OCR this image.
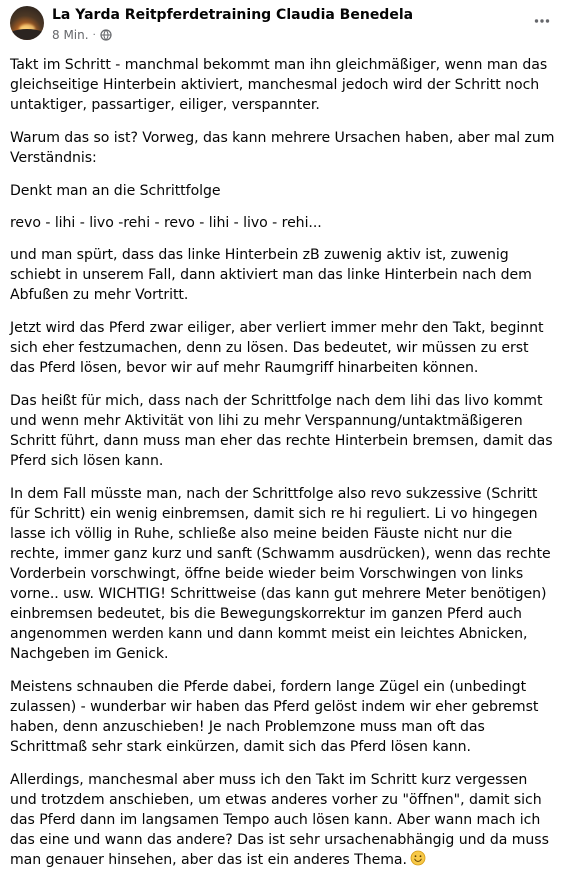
La Yarda Reitpferdetraining Claudia Benedela
8 Min. ·

Takt im Schritt - manchmal bekommt man ihn gleichmäßiger, wenn man das gleichseitige Hinterbein aktiviert, manchesmal jedoch wird der Schritt noch untaktiger, passartiger, eiliger, verspannter.

Warum das so ist? Vorweg, das kann mehrere Ursachen haben, aber mal zum Verständnis:

Denkt man an die Schrittfolge

revo - lihi - livo -rehi - revo - lihi - livo - rehi...

und man spürt, dass das linke Hinterbein zB zuwenig aktiv ist, zuwenig schiebt in unserem Fall, dann aktiviert man das linke Hinterbein nach dem Abfußen zu mehr Vortritt.

Jetzt wird das Pferd zwar eiliger, aber verliert immer mehr den Takt, beginnt sich eher festzumachen, denn zu lösen. Das bedeutet, wir müssen zu erst das Pferd lösen, bevor wir auf mehr Raumgriff hinarbeiten können.

Das heißt für mich, dass nach der Schrittfolge nach dem lihi das livo kommt und wenn mehr Aktivität von lihi zu mehr Verspannung/untaktmäßigeren Schritt führt, dann muss man eher das rechte Hinterbein bremsen, damit das Pferd sich lösen kann.

In dem Fall müsste man, nach der Schrittfolge also revo sukzessive (Schritt für Schritt) ein wenig einbremsen, damit sich re hi reguliert. Li vo hingegen lasse ich völlig in Ruhe, schließe also meine beiden Fäuste nicht nur die rechte, immer ganz kurz und sanft (Schwamm ausdrücken), wenn das rechte Vorderbein vorschwingt, öffne beide wieder beim Vorschwingen von links vorne.. usw. WICHTIG! Schrittweise (das kann gut mehrere Meter benötigen) einbremsen bedeutet, bis die Bewegungskorrektur im ganzen Pferd auch angenommen werden kann und dann kommt meist ein leichtes Abnicken, Nachgeben im Genick.

Meistens schnauben die Pferde dabei, fordern lange Zügel ein (unbedingt zulassen) - wunderbar wir haben das Pferd gelöst indem wir eher gebremst haben, denn anzuschieben! Je nach Problemzone muss man oft das Schrittmaß sehr stark einkürzen, damit sich das Pferd lösen kann.

Allerdings, manchesmal aber muss ich den Takt im Schritt kurz vergessen und trotzdem anschieben, um etwas anderes vorher zu "öffnen", damit sich das Pferd dann im langsamen Tempo auch lösen kann. Aber wann mach ich das eine und wann das andere? Das ist sehr ursachenabhängig und da muss man genauer hinsehen, aber das ist ein anderes Thema.
